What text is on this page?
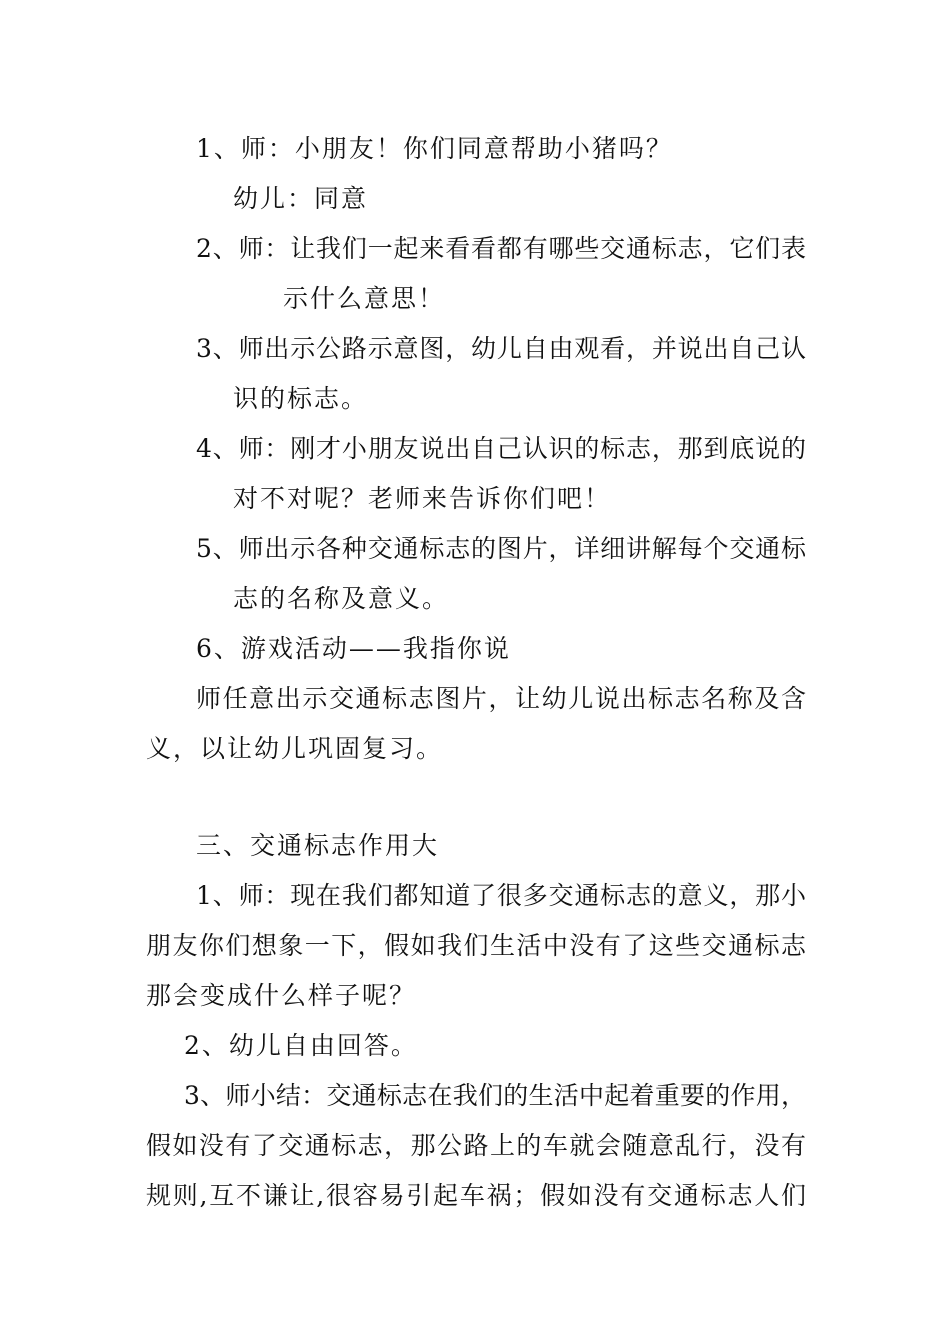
1、师：小朋友！你们同意帮助小猪吗？
幼儿：同意
2、师：让我们一起来看看都有哪些交通标志，它们表
示什么意思！
3、师出示公路示意图，幼儿自由观看，并说出自己认
识的标志。
4、师：刚才小朋友说出自己认识的标志，那到底说的
对不对呢？老师来告诉你们吧！
5、师出示各种交通标志的图片，详细讲解每个交通标
志的名称及意义。
6、游戏活动——我指你说
师任意出示交通标志图片，让幼儿说出标志名称及含
义，以让幼儿巩固复习。
三、交通标志作用大
1、师：现在我们都知道了很多交通标志的意义，那小
朋友你们想象一下，假如我们生活中没有了这些交通标志
那会变成什么样子呢？
2、幼儿自由回答。
3、师小结：交通标志在我们的生活中起着重要的作用，
假如没有了交通标志，那公路上的车就会随意乱行，没有
规则,互不谦让,很容易引起车祸；假如没有交通标志人们
